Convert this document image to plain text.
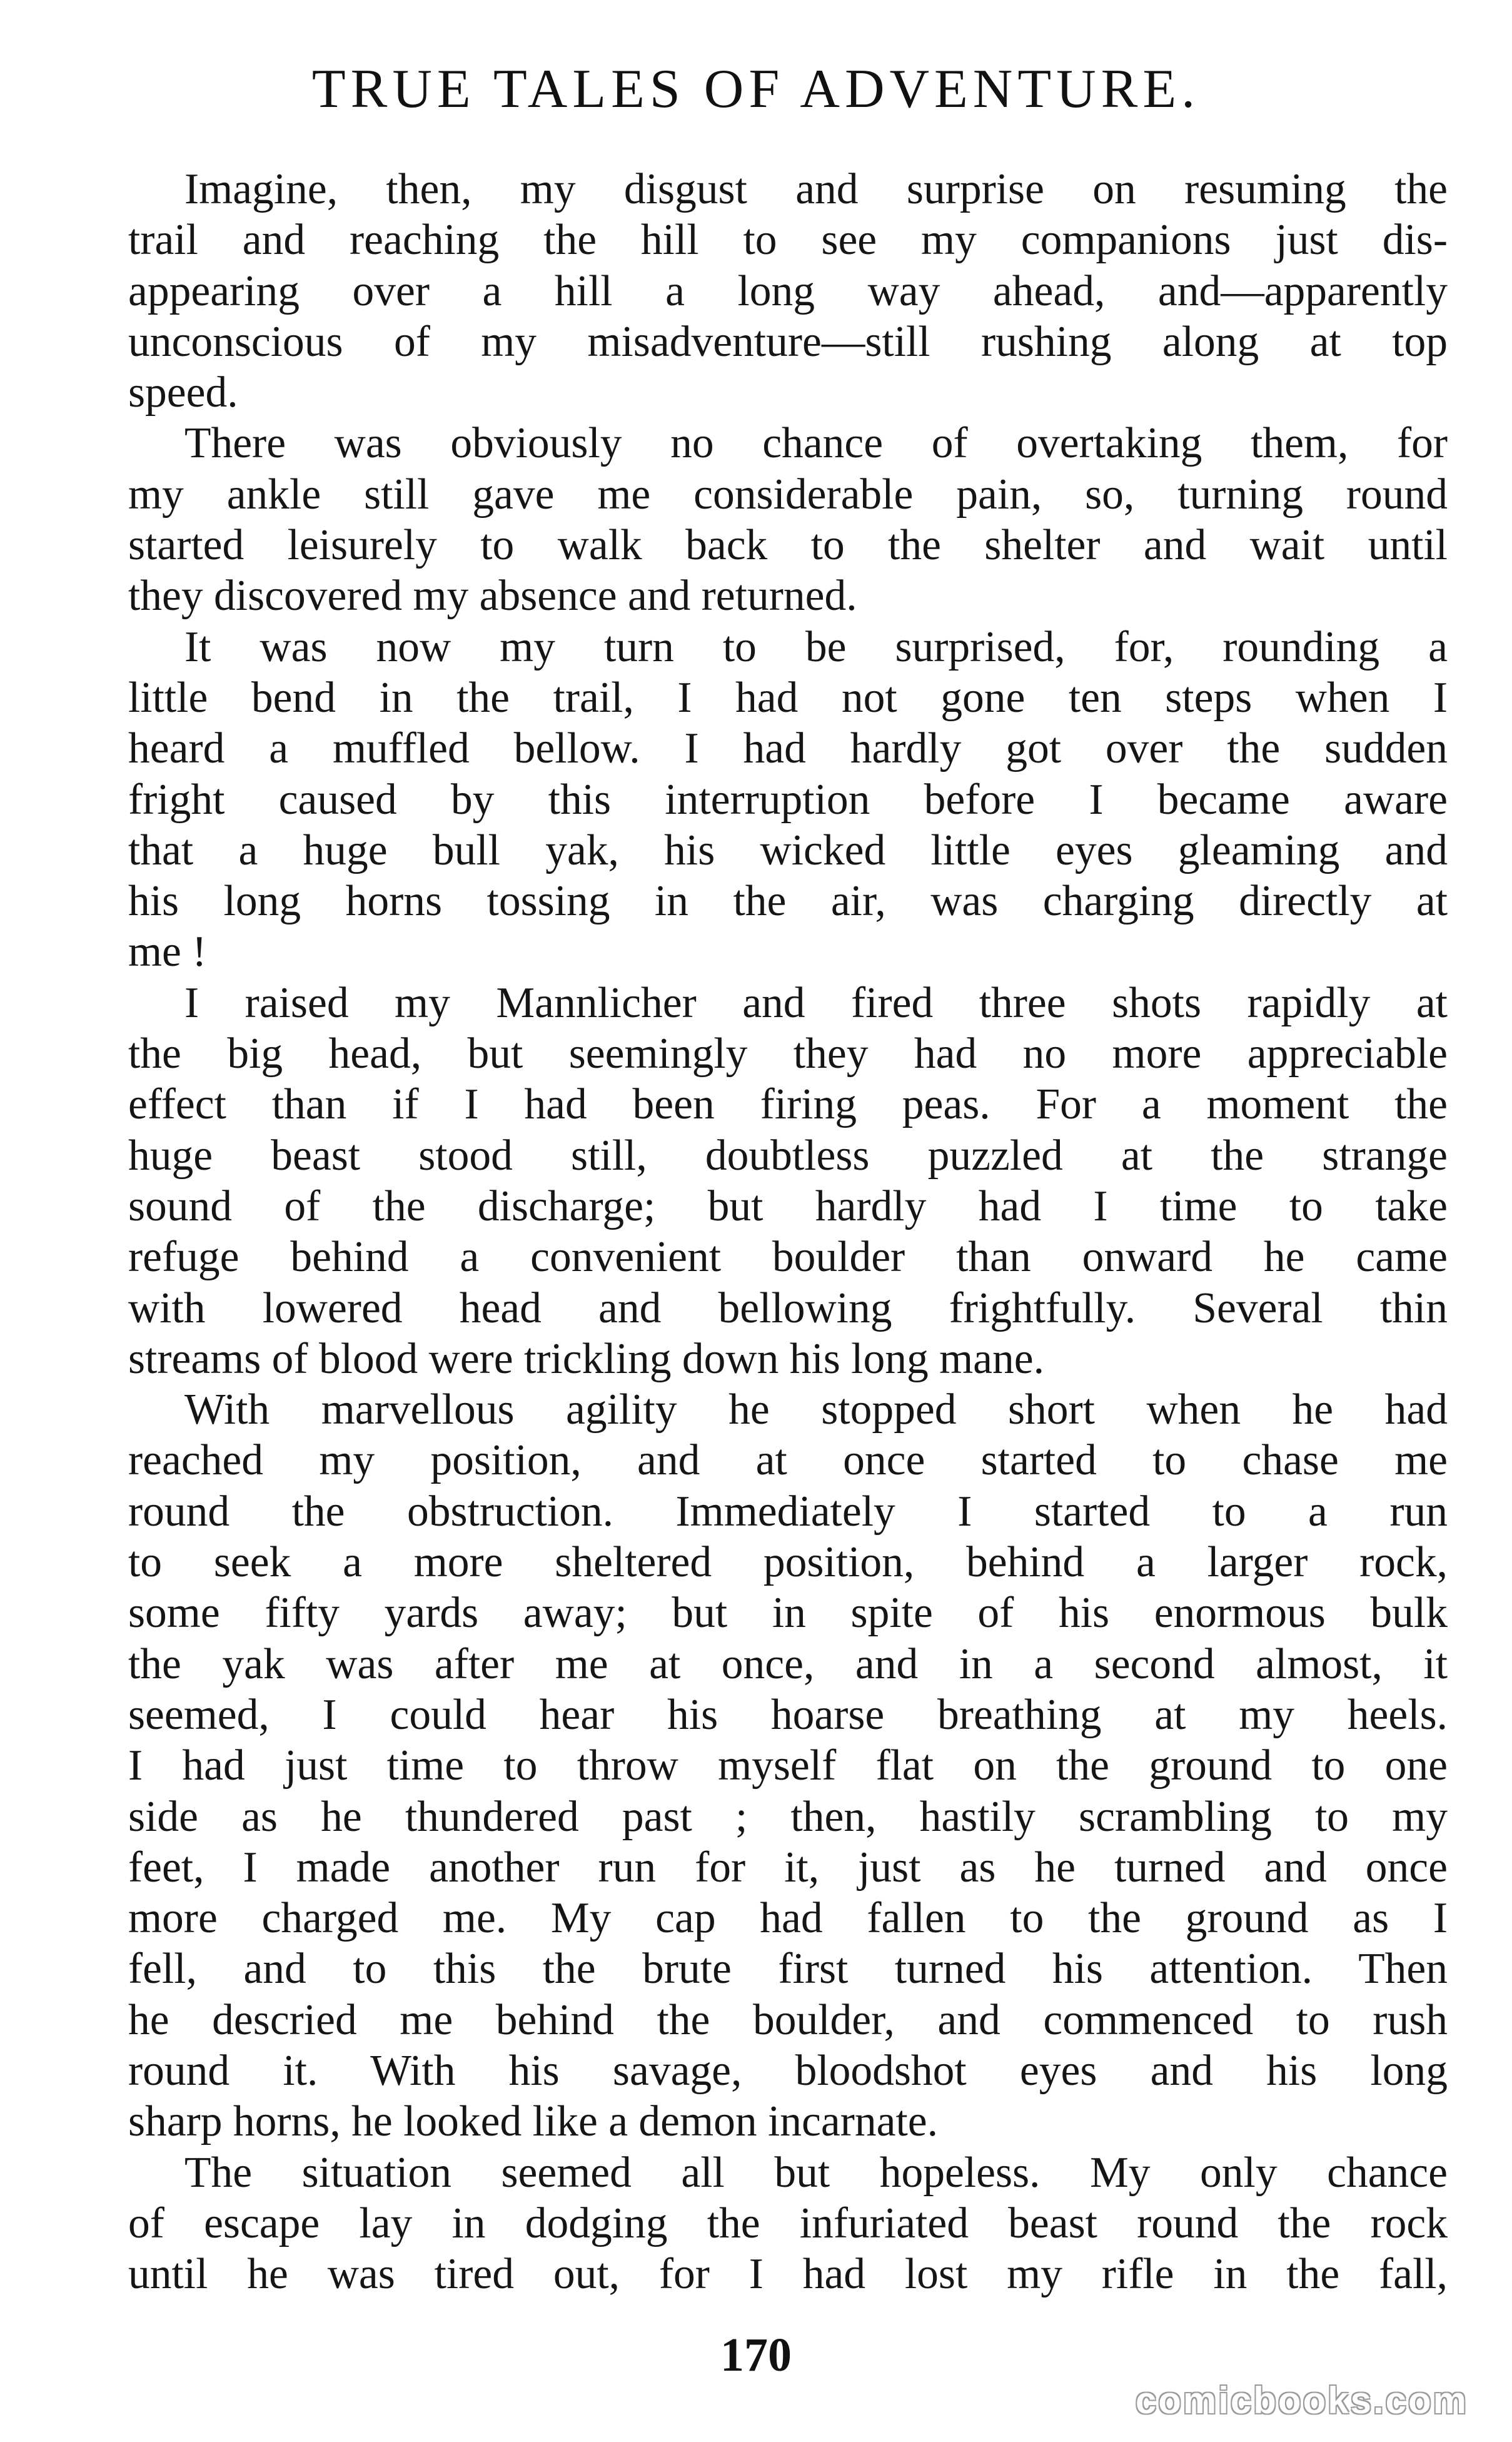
TRUE TALES OF ADVENTURE.

Imagine, then, my disgust and surprise on resuming the
trail and reaching the hill to see my companions just dis-
appearing over a hill a long way ahead, and—apparently
unconscious of my misadventure—still rushing along at top
speed.

There was obviously no chance of overtaking them, for
my ankle still gave me considerable pain, so, turning round
started leisurely to walk back to the shelter and wait until
they discovered my absence and returned.

It was now my turn to be surprised, for, rounding a
little bend in the trail, I had not gone ten steps when I
heard a muffled bellow. I had hardly got over the sudden
fright caused by this interruption before I became aware
that a huge bull yak, his wicked little eyes gleaming and
his long horns tossing in the air, was charging directly at
me !

I raised my Mannlicher and fired three shots rapidly at
the big head, but seemingly they had no more appreciable
effect than if I had been firing peas. For a moment the
huge beast stood still, doubtless puzzled at the strange
sound of the discharge; but hardly had I time to take
refuge behind a convenient boulder than onward he came
with lowered head and bellowing frightfully. Several thin
streams of blood were trickling down his long mane.

With marvellous agility he stopped short when he had
reached my position, and at once started to chase me
round the obstruction. Immediately I started to a run
to seek a more sheltered position, behind a larger rock,
some fifty yards away; but in spite of his enormous bulk
the yak was after me at once, and in a second almost, it
seemed, I could hear his hoarse breathing at my heels.
I had just time to throw myself flat on the ground to one
side as he thundered past ; then, hastily scrambling to my
feet, I made another run for it, just as he turned and once
more charged me. My cap had fallen to the ground as I
fell, and to this the brute first turned his attention. Then
he descried me behind the boulder, and commenced to rush
round it. With his savage, bloodshot eyes and his long
sharp horns, he looked like a demon incarnate.

The situation seemed all but hopeless. My only chance
of escape lay in dodging the infuriated beast round the rock
until he was tired out, for I had lost my rifle in the fall,

170
comicbooks.com
